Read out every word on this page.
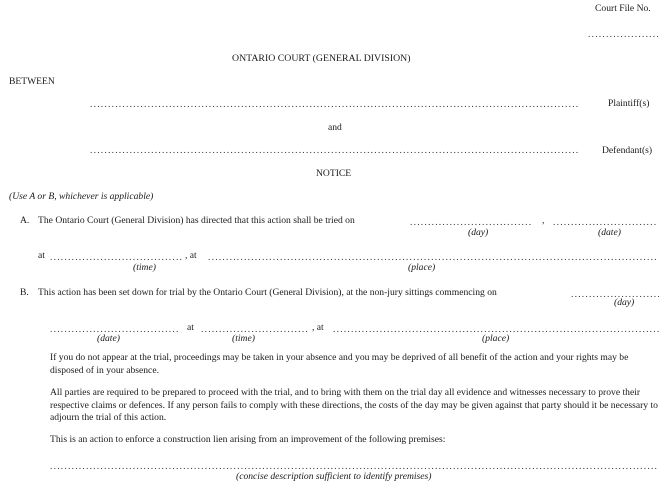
Court File No.
.....
ONTARIO COURT (GENERAL DIVISION)
BETWEEN
.....
Plaintiff(s)
and
.....
Defendant(s)
NOTICE
(Use A or B, whichever is applicable)
A. The Ontario Court (General Division) has directed that this action shall be tried on .....	,
.....
(day)	(date)
at .....	, at
.....
(time)	(place)
B. This action has been set down for trial by the Ontario Court (General Division), at the non-jury sittings commencing on
.....
(day)
.....
at .....	, at
.....
(date)	(time)	(place)
If you do not appear at the trial, proceedings may be taken in your absence and you may be deprived of all benefit of the action and your rights may be disposed of in your absence.
All parties are required to be prepared to proceed with the trial, and to bring with them on the trial day all evidence and witnesses necessary to prove their respective claims or defences. If any person fails to comply with these directions, the costs of the day may be given against that party should it be necessary to adjourn the trial of this action.
This is an action to enforce a construction lien arising from an improvement of the following premises:
.....
(concise description sufficient to identify premises)
